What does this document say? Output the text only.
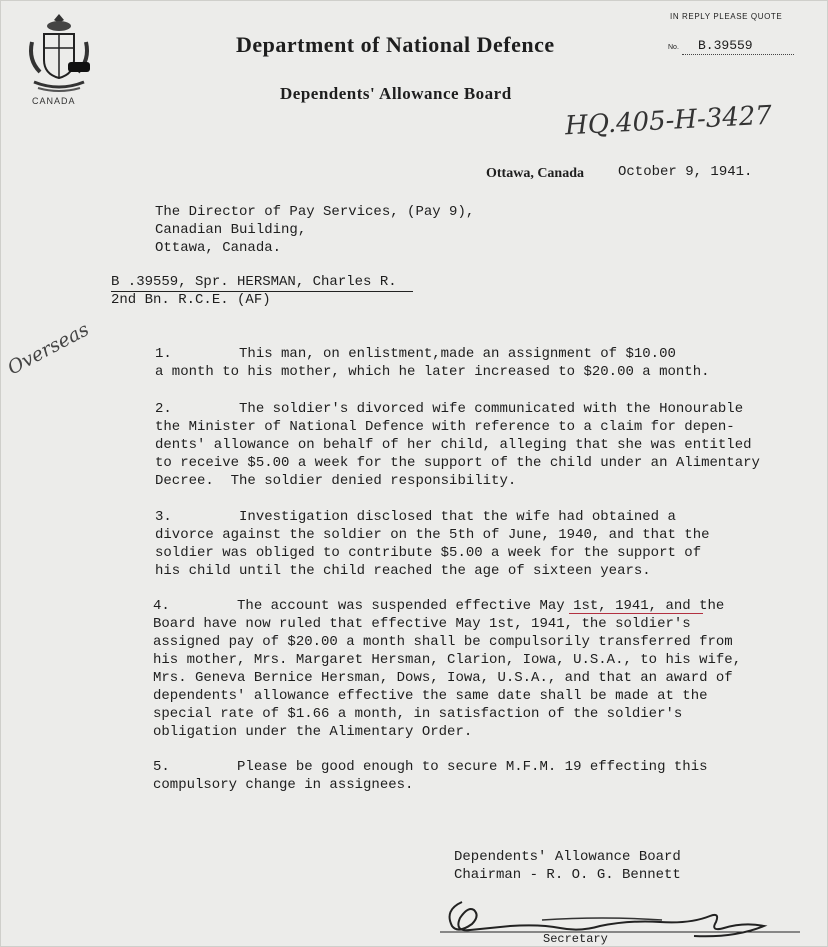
CANADA
Department of National Defence
Dependents' Allowance Board
IN REPLY PLEASE QUOTE
No. B.39559
HQ.405-H-3427
Ottawa, Canada October 9, 1941.
The Director of Pay Services, (Pay 9),
Canadian Building,
Ottawa, Canada.
B .39559, Spr. HERSMAN, Charles R.
2nd Bn. R.C.E. (AF)
Overseas	1.        This man, on enlistment,made an assignment of $10.00
a month to his mother, which he later increased to $20.00 a month.
2.        The soldier's divorced wife communicated with the Honourable
the Minister of National Defence with reference to a claim for depen-
dents' allowance on behalf of her child, alleging that she was entitled
to receive $5.00 a week for the support of the child under an Alimentary
Decree.  The soldier denied responsibility.
3.        Investigation disclosed that the wife had obtained a
divorce against the soldier on the 5th of June, 1940, and that the
soldier was obliged to contribute $5.00 a week for the support of
his child until the child reached the age of sixteen years.
4.        The account was suspended effective May 1st, 1941, and the
Board have now ruled that effective May 1st, 1941, the soldier's
assigned pay of $20.00 a month shall be compulsorily transferred from
his mother, Mrs. Margaret Hersman, Clarion, Iowa, U.S.A., to his wife,
Mrs. Geneva Bernice Hersman, Dows, Iowa, U.S.A., and that an award of
dependents' allowance effective the same date shall be made at the
special rate of $1.66 a month, in satisfaction of the soldier's
obligation under the Alimentary Order.
5.        Please be good enough to secure M.F.M. 19 effecting this
compulsory change in assignees.
Dependents' Allowance Board
Chairman - R. O. G. Bennett
Secretary
